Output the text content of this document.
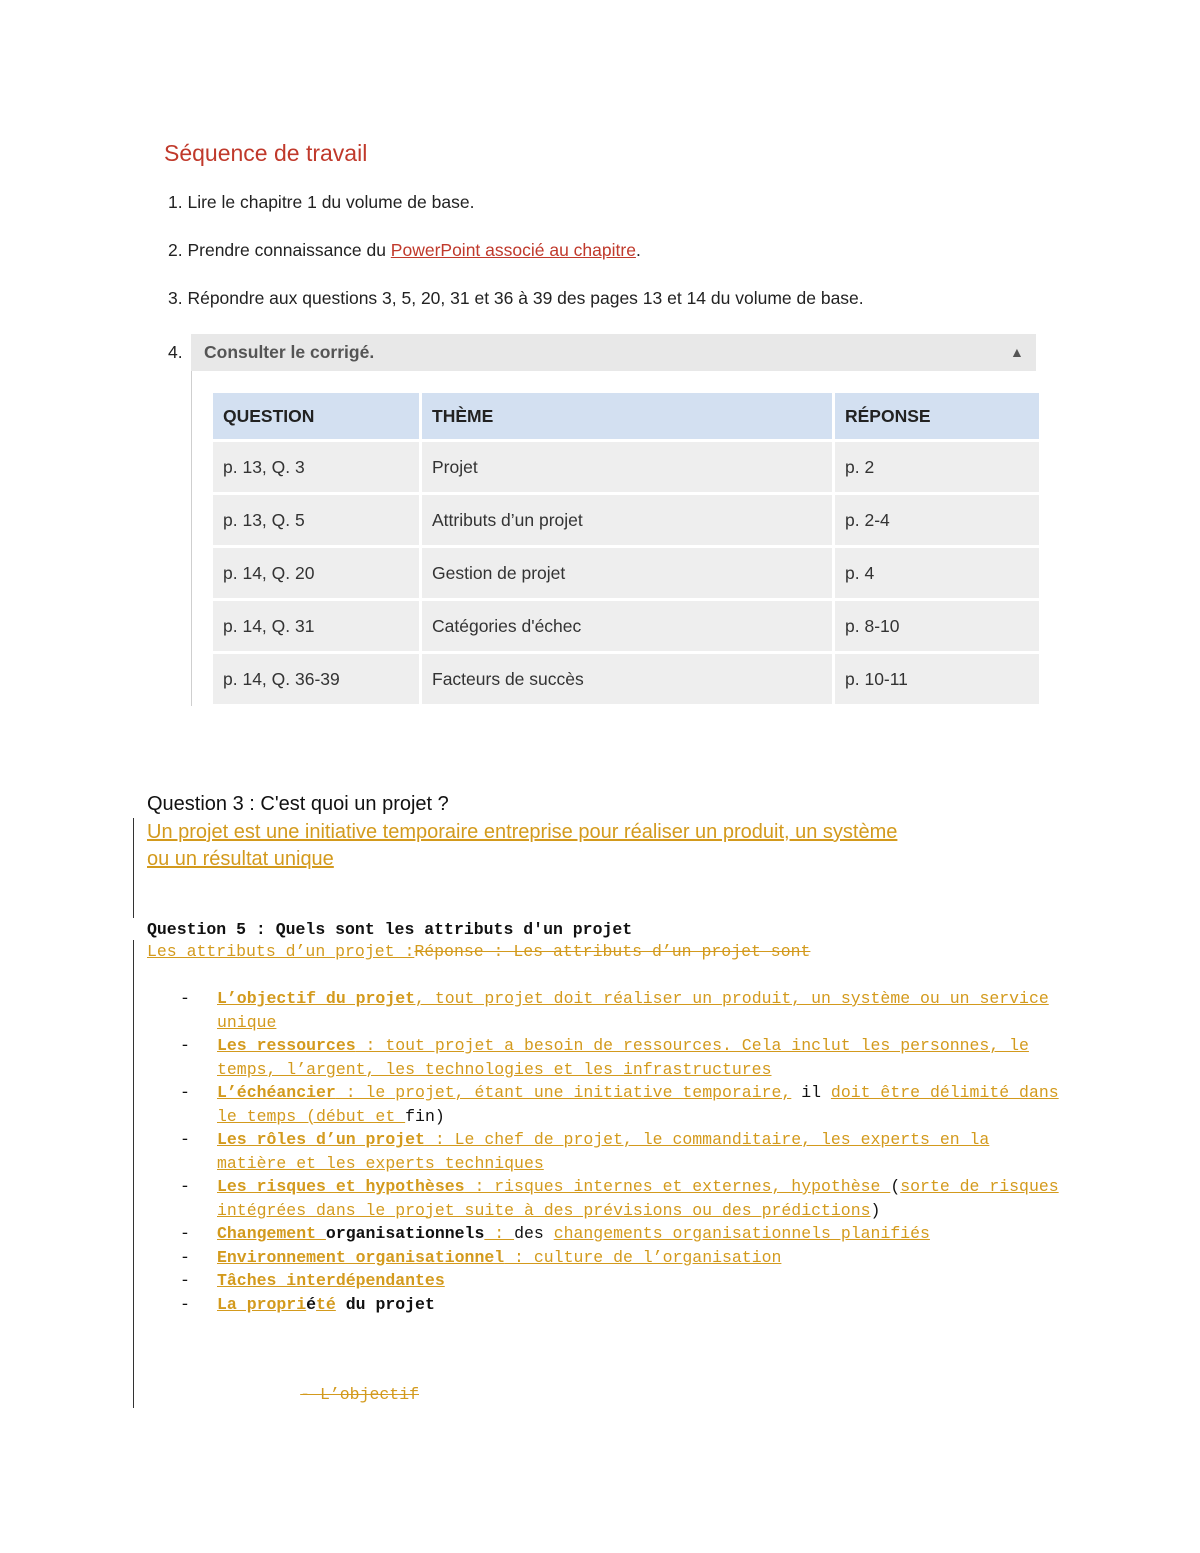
Séquence de travail
1. Lire le chapitre 1 du volume de base.
2. Prendre connaissance du PowerPoint associé au chapitre.
3. Répondre aux questions 3, 5, 20, 31 et 36 à 39 des pages 13 et 14 du volume de base.
4. Consulter le corrigé.	▲
QUESTION	THÈME	RÉPONSE
p. 13, Q. 3	Projet	p. 2
p. 13, Q. 5	Attributs d’un projet	p. 2-4
p. 14, Q. 20	Gestion de projet	p. 4
p. 14, Q. 31	Catégories d'échec	p. 8-10
p. 14, Q. 36-39	Facteurs de succès	p. 10-11
Question 3 : C'est quoi un projet ?
Un projet est une initiative temporaire entreprise pour réaliser un produit, un système
ou un résultat unique
Question 5 : Quels sont les attributs d'un projet
Les attributs d’un projet :Réponse : Les attributs d’un projet sont
- L’objectif du projet, tout projet doit réaliser un produit, un système ou un service unique
- Les ressources : tout projet a besoin de ressources. Cela inclut les personnes, le temps, l’argent, les technologies et les infrastructures
- L’échéancier : le projet, étant une initiative temporaire, il doit être délimité dans le temps (début et fin)
- Les rôles d’un projet : Le chef de projet, le commanditaire, les experts en la matière et les experts techniques
- Les risques et hypothèses : risques internes et externes, hypothèse (sorte de risques intégrées dans le projet suite à des prévisions ou des prédictions)
- Changement organisationnels : des changements organisationnels planifiés
- Environnement organisationnel : culture de l’organisation
- Tâches interdépendantes
- La propriété du projet
- L’objectif
